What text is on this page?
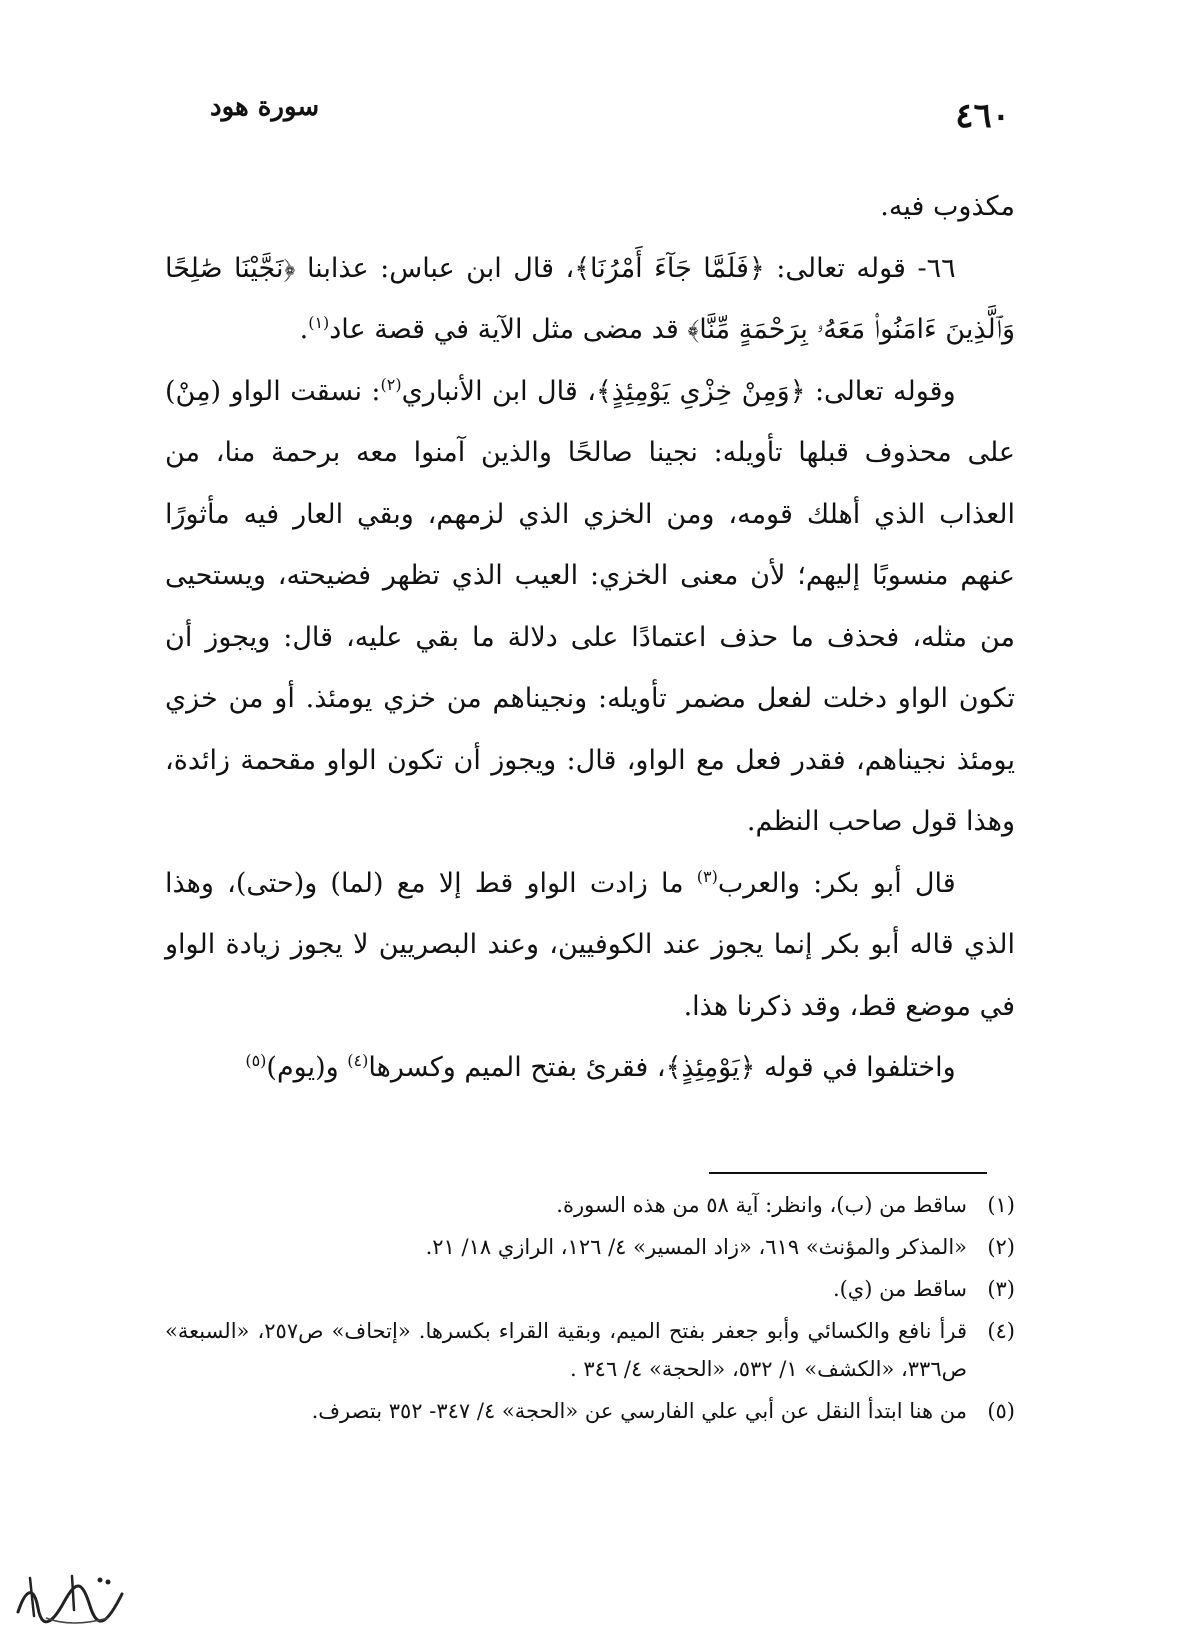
٤٦٠
سورة هود

مكذوب فيه.

٦٦- قوله تعالى: ﴿فَلَمَّا جَآءَ أَمْرُنَا﴾، قال ابن عباس: عذابنا ﴿نَجَّيْنَا صَٰلِحًا وَٱلَّذِينَ ءَامَنُوا۟ مَعَهُۥ بِرَحْمَةٍ مِّنَّا﴾ قد مضى مثل الآية في قصة عاد$^{(١)}$.

وقوله تعالى: ﴿وَمِنْ خِزْىِ يَوْمِئِذٍ﴾، قال ابن الأنباري$^{(٢)}$: نسقت الواو (مِنْ) على محذوف قبلها تأويله: نجينا صالحًا والذين آمنوا معه برحمة منا، من العذاب الذي أهلك قومه، ومن الخزي الذي لزمهم، وبقي العار فيه مأثورًا عنهم منسوبًا إليهم؛ لأن معنى الخزي: العيب الذي تظهر فضيحته، ويستحيى من مثله، فحذف ما حذف اعتمادًا على دلالة ما بقي عليه، قال: ويجوز أن تكون الواو دخلت لفعل مضمر تأويله: ونجيناهم من خزي يومئذ. أو من خزي يومئذ نجيناهم، فقدر فعل مع الواو، قال: ويجوز أن تكون الواو مقحمة زائدة، وهذا قول صاحب النظم.

قال أبو بكر: والعرب$^{(٣)}$ ما زادت الواو قط إلا مع (لما) و(حتى)، وهذا الذي قاله أبو بكر إنما يجوز عند الكوفيين، وعند البصريين لا يجوز زيادة الواو في موضع قط، وقد ذكرنا هذا.

واختلفوا في قوله ﴿يَوْمِئِذٍ﴾، فقرئ بفتح الميم وكسرها$^{(٤)}$ و(يوم)$^{(٥)}$

(١)
ساقط من (ب)، وانظر: آية ٥٨ من هذه السورة.
(٢)
«المذكر والمؤنث» ٦١٩، «زاد المسير» ٤/ ١٢٦، الرازي ١٨/ ٢١.
(٣)
ساقط من (ي).
(٤)
قرأ نافع والكسائي وأبو جعفر بفتح الميم، وبقية القراء بكسرها. «إتحاف» ص٢٥٧، «السبعة» ص٣٣٦، «الكشف» ١/ ٥٣٢، «الحجة» ٤/ ٣٤٦ .
(٥)
من هنا ابتدأ النقل عن أبي علي الفارسي عن «الحجة» ٤/ ٣٤٧- ٣٥٢ بتصرف.
